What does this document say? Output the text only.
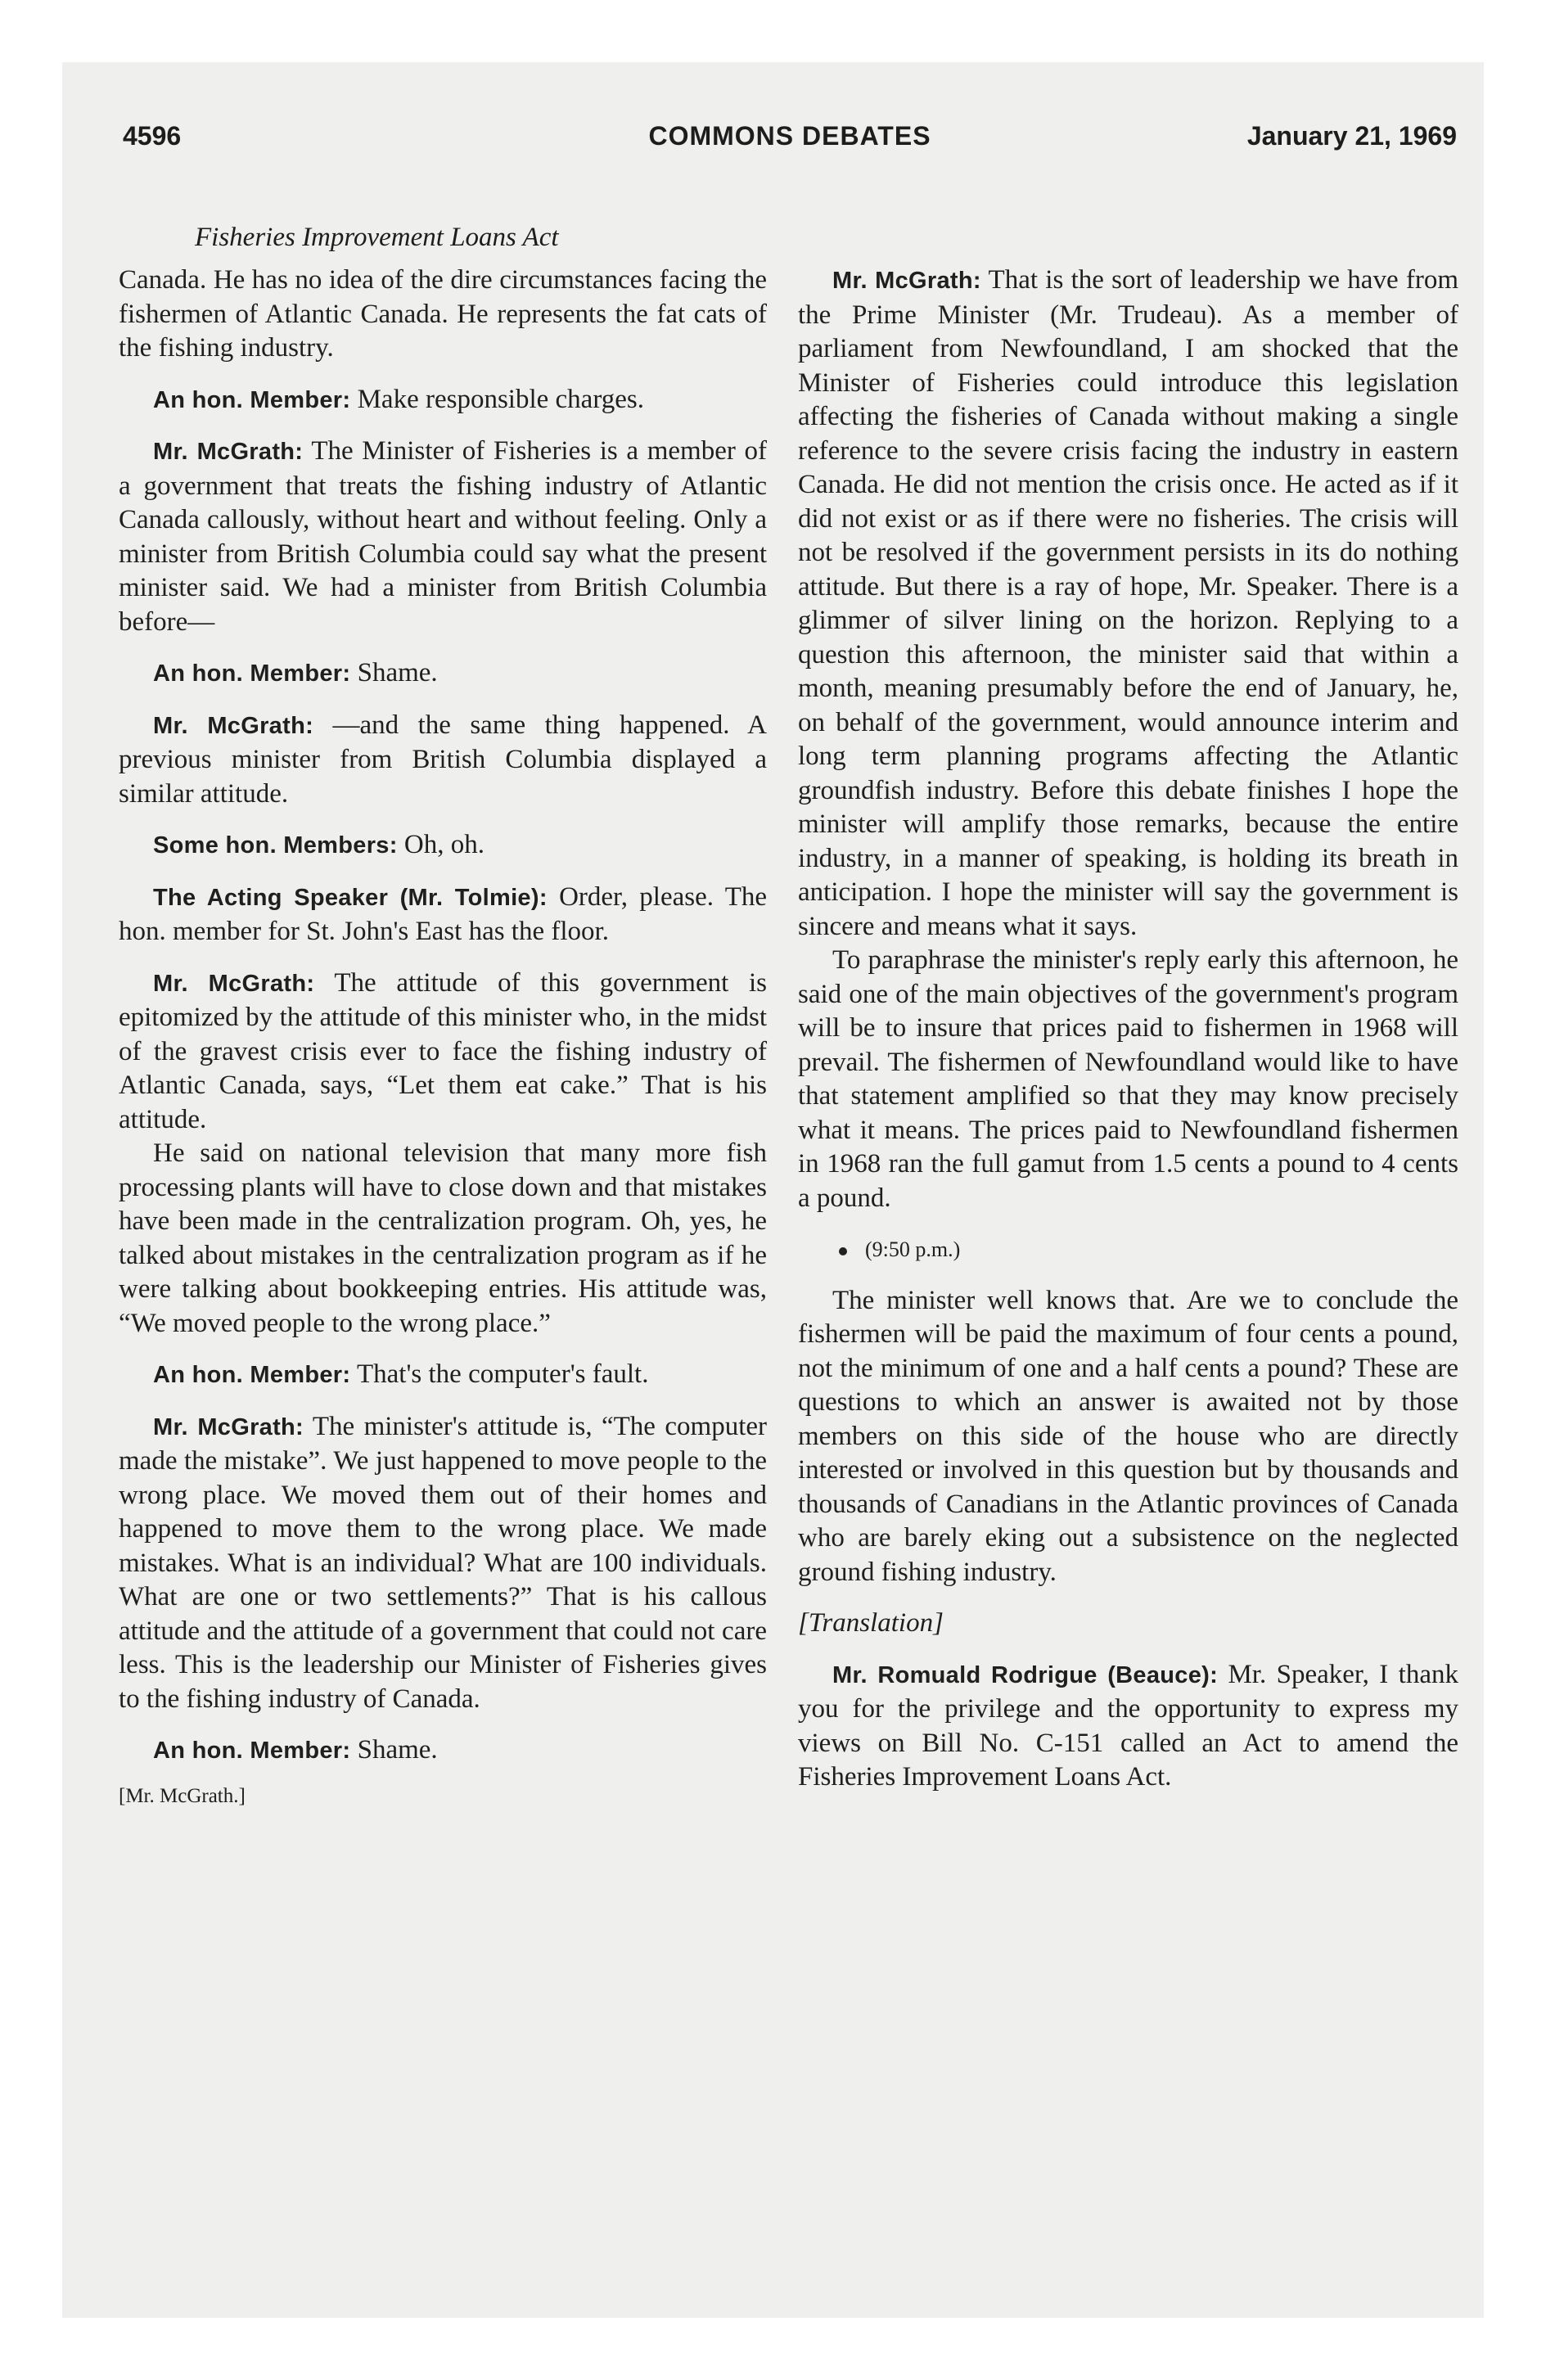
4596	COMMONS DEBATES	January 21, 1969
Fisheries Improvement Loans Act

Canada. He has no idea of the dire circumstances facing the fishermen of Atlantic Canada. He represents the fat cats of the fishing industry.

An hon. Member: Make responsible charges.

Mr. McGrath: The Minister of Fisheries is a member of a government that treats the fishing industry of Atlantic Canada callously, without heart and without feeling. Only a minister from British Columbia could say what the present minister said. We had a minister from British Columbia before—

An hon. Member: Shame.

Mr. McGrath: —and the same thing happened. A previous minister from British Columbia displayed a similar attitude.

Some hon. Members: Oh, oh.

The Acting Speaker (Mr. Tolmie): Order, please. The hon. member for St. John's East has the floor.

Mr. McGrath: The attitude of this government is epitomized by the attitude of this minister who, in the midst of the gravest crisis ever to face the fishing industry of Atlantic Canada, says, “Let them eat cake.” That is his attitude.

He said on national television that many more fish processing plants will have to close down and that mistakes have been made in the centralization program. Oh, yes, he talked about mistakes in the centralization program as if he were talking about bookkeeping entries. His attitude was, “We moved people to the wrong place.”

An hon. Member: That's the computer's fault.

Mr. McGrath: The minister's attitude is, “The computer made the mistake”. We just happened to move people to the wrong place. We moved them out of their homes and happened to move them to the wrong place. We made mistakes. What is an individual? What are 100 individuals. What are one or two settlements?” That is his callous attitude and the attitude of a government that could not care less. This is the leadership our Minister of Fisheries gives to the fishing industry of Canada.

An hon. Member: Shame.

[Mr. McGrath.]

Mr. McGrath: That is the sort of leadership we have from the Prime Minister (Mr. Trudeau). As a member of parliament from Newfoundland, I am shocked that the Minister of Fisheries could introduce this legislation affecting the fisheries of Canada without making a single reference to the severe crisis facing the industry in eastern Canada. He did not mention the crisis once. He acted as if it did not exist or as if there were no fisheries. The crisis will not be resolved if the government persists in its do nothing attitude. But there is a ray of hope, Mr. Speaker. There is a glimmer of silver lining on the horizon. Replying to a question this afternoon, the minister said that within a month, meaning presumably before the end of January, he, on behalf of the government, would announce interim and long term planning programs affecting the Atlantic groundfish industry. Before this debate finishes I hope the minister will amplify those remarks, because the entire industry, in a manner of speaking, is holding its breath in anticipation. I hope the minister will say the government is sincere and means what it says.

To paraphrase the minister's reply early this afternoon, he said one of the main objectives of the government's program will be to insure that prices paid to fishermen in 1968 will prevail. The fishermen of Newfoundland would like to have that statement amplified so that they may know precisely what it means. The prices paid to Newfoundland fishermen in 1968 ran the full gamut from 1.5 cents a pound to 4 cents a pound.

(9:50 p.m.)

The minister well knows that. Are we to conclude the fishermen will be paid the maximum of four cents a pound, not the minimum of one and a half cents a pound? These are questions to which an answer is awaited not by those members on this side of the house who are directly interested or involved in this question but by thousands and thousands of Canadians in the Atlantic provinces of Canada who are barely eking out a subsistence on the neglected ground fishing industry.

[Translation]

Mr. Romuald Rodrigue (Beauce): Mr. Speaker, I thank you for the privilege and the opportunity to express my views on Bill No. C-151 called an Act to amend the Fisheries Improvement Loans Act.
